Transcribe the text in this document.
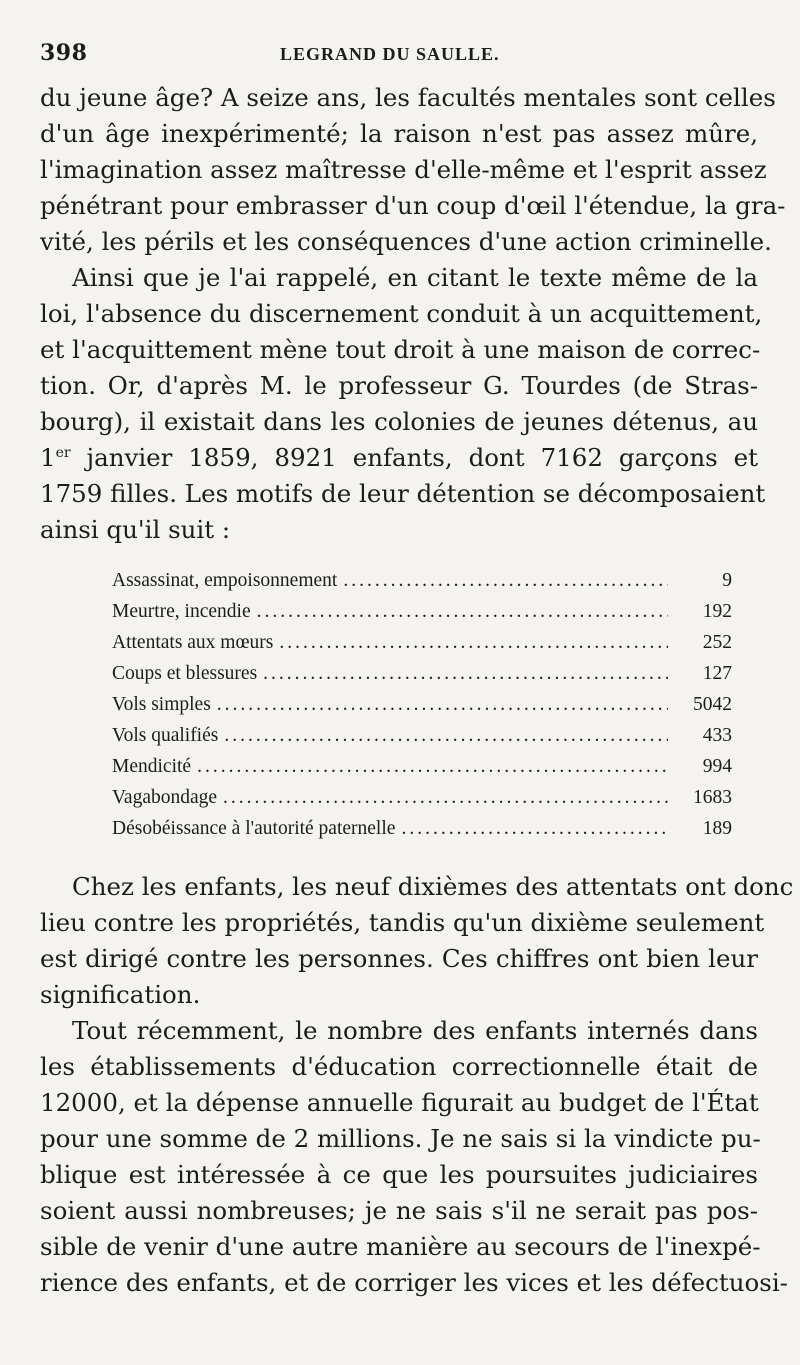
398	LEGRAND DU SAULLE.

du jeune âge? A seize ans, les facultés mentales sont celles
d'un âge inexpérimenté; la raison n'est pas assez mûre,
l'imagination assez maîtresse d'elle-même et l'esprit assez
pénétrant pour embrasser d'un coup d'œil l'étendue, la gra-
vité, les périls et les conséquences d'une action criminelle.

Ainsi que je l'ai rappelé, en citant le texte même de la
loi, l'absence du discernement conduit à un acquittement,
et l'acquittement mène tout droit à une maison de correc-
tion. Or, d'après M. le professeur G. Tourdes (de Stras-
bourg), il existait dans les colonies de jeunes détenus, au
1er janvier 1859, 8921 enfants, dont 7162 garçons et
1759 filles. Les motifs de leur détention se décomposaient
ainsi qu'il suit :

Assassinat, empoisonnement .....	9
Meurtre, incendie .....	192
Attentats aux mœurs .....	252
Coups et blessures .....	127
Vols simples .....	5042
Vols qualifiés .....	433
Mendicité .....	994
Vagabondage .....	1683
Désobéissance à l'autorité paternelle .....	189

Chez les enfants, les neuf dixièmes des attentats ont donc
lieu contre les propriétés, tandis qu'un dixième seulement
est dirigé contre les personnes. Ces chiffres ont bien leur
signification.

Tout récemment, le nombre des enfants internés dans
les établissements d'éducation correctionnelle était de
12000, et la dépense annuelle figurait au budget de l'État
pour une somme de 2 millions. Je ne sais si la vindicte pu-
blique est intéressée à ce que les poursuites judiciaires
soient aussi nombreuses; je ne sais s'il ne serait pas pos-
sible de venir d'une autre manière au secours de l'inexpé-
rience des enfants, et de corriger les vices et les défectuosi-
